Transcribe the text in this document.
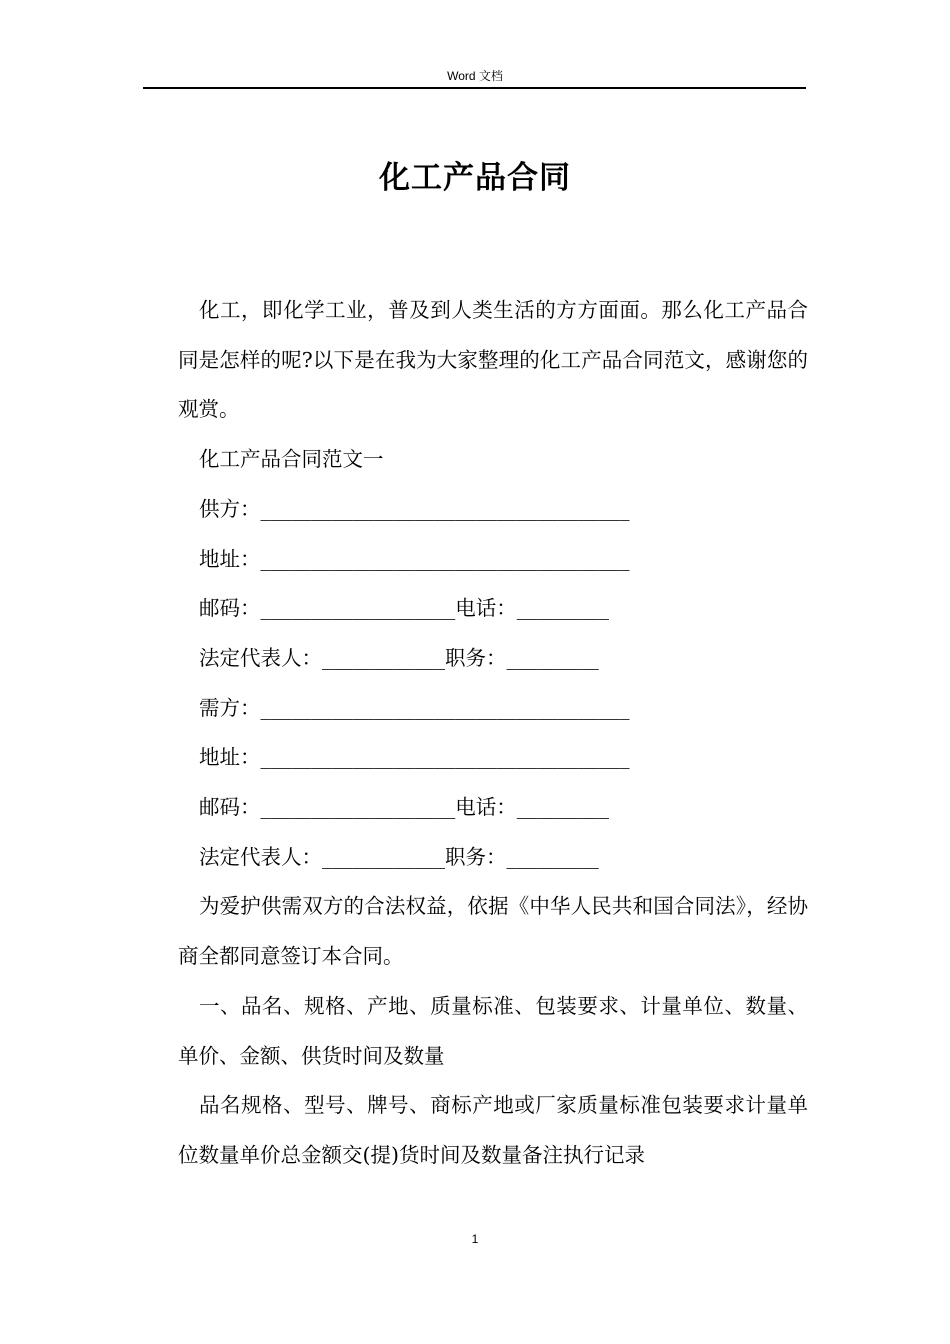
Word 文档
化工产品合同

化工，即化学工业，普及到人类生活的方方面面。那么化工产品合同是怎样的呢?以下是在我为大家整理的化工产品合同范文，感谢您的观赏。

化工产品合同范文一

供方：____________________________________

地址：____________________________________

邮码：___________________电话：_________

法定代表人：____________职务：_________

需方：____________________________________

地址：____________________________________

邮码：___________________电话：_________

法定代表人：____________职务：_________

为爱护供需双方的合法权益，依据《中华人民共和国合同法》，经协商全都同意签订本合同。

一、品名、规格、产地、质量标准、包装要求、计量单位、数量、单价、金额、供货时间及数量

品名规格、型号、牌号、商标产地或厂家质量标准包装要求计量单位数量单价总金额交(提)货时间及数量备注执行记录

1
